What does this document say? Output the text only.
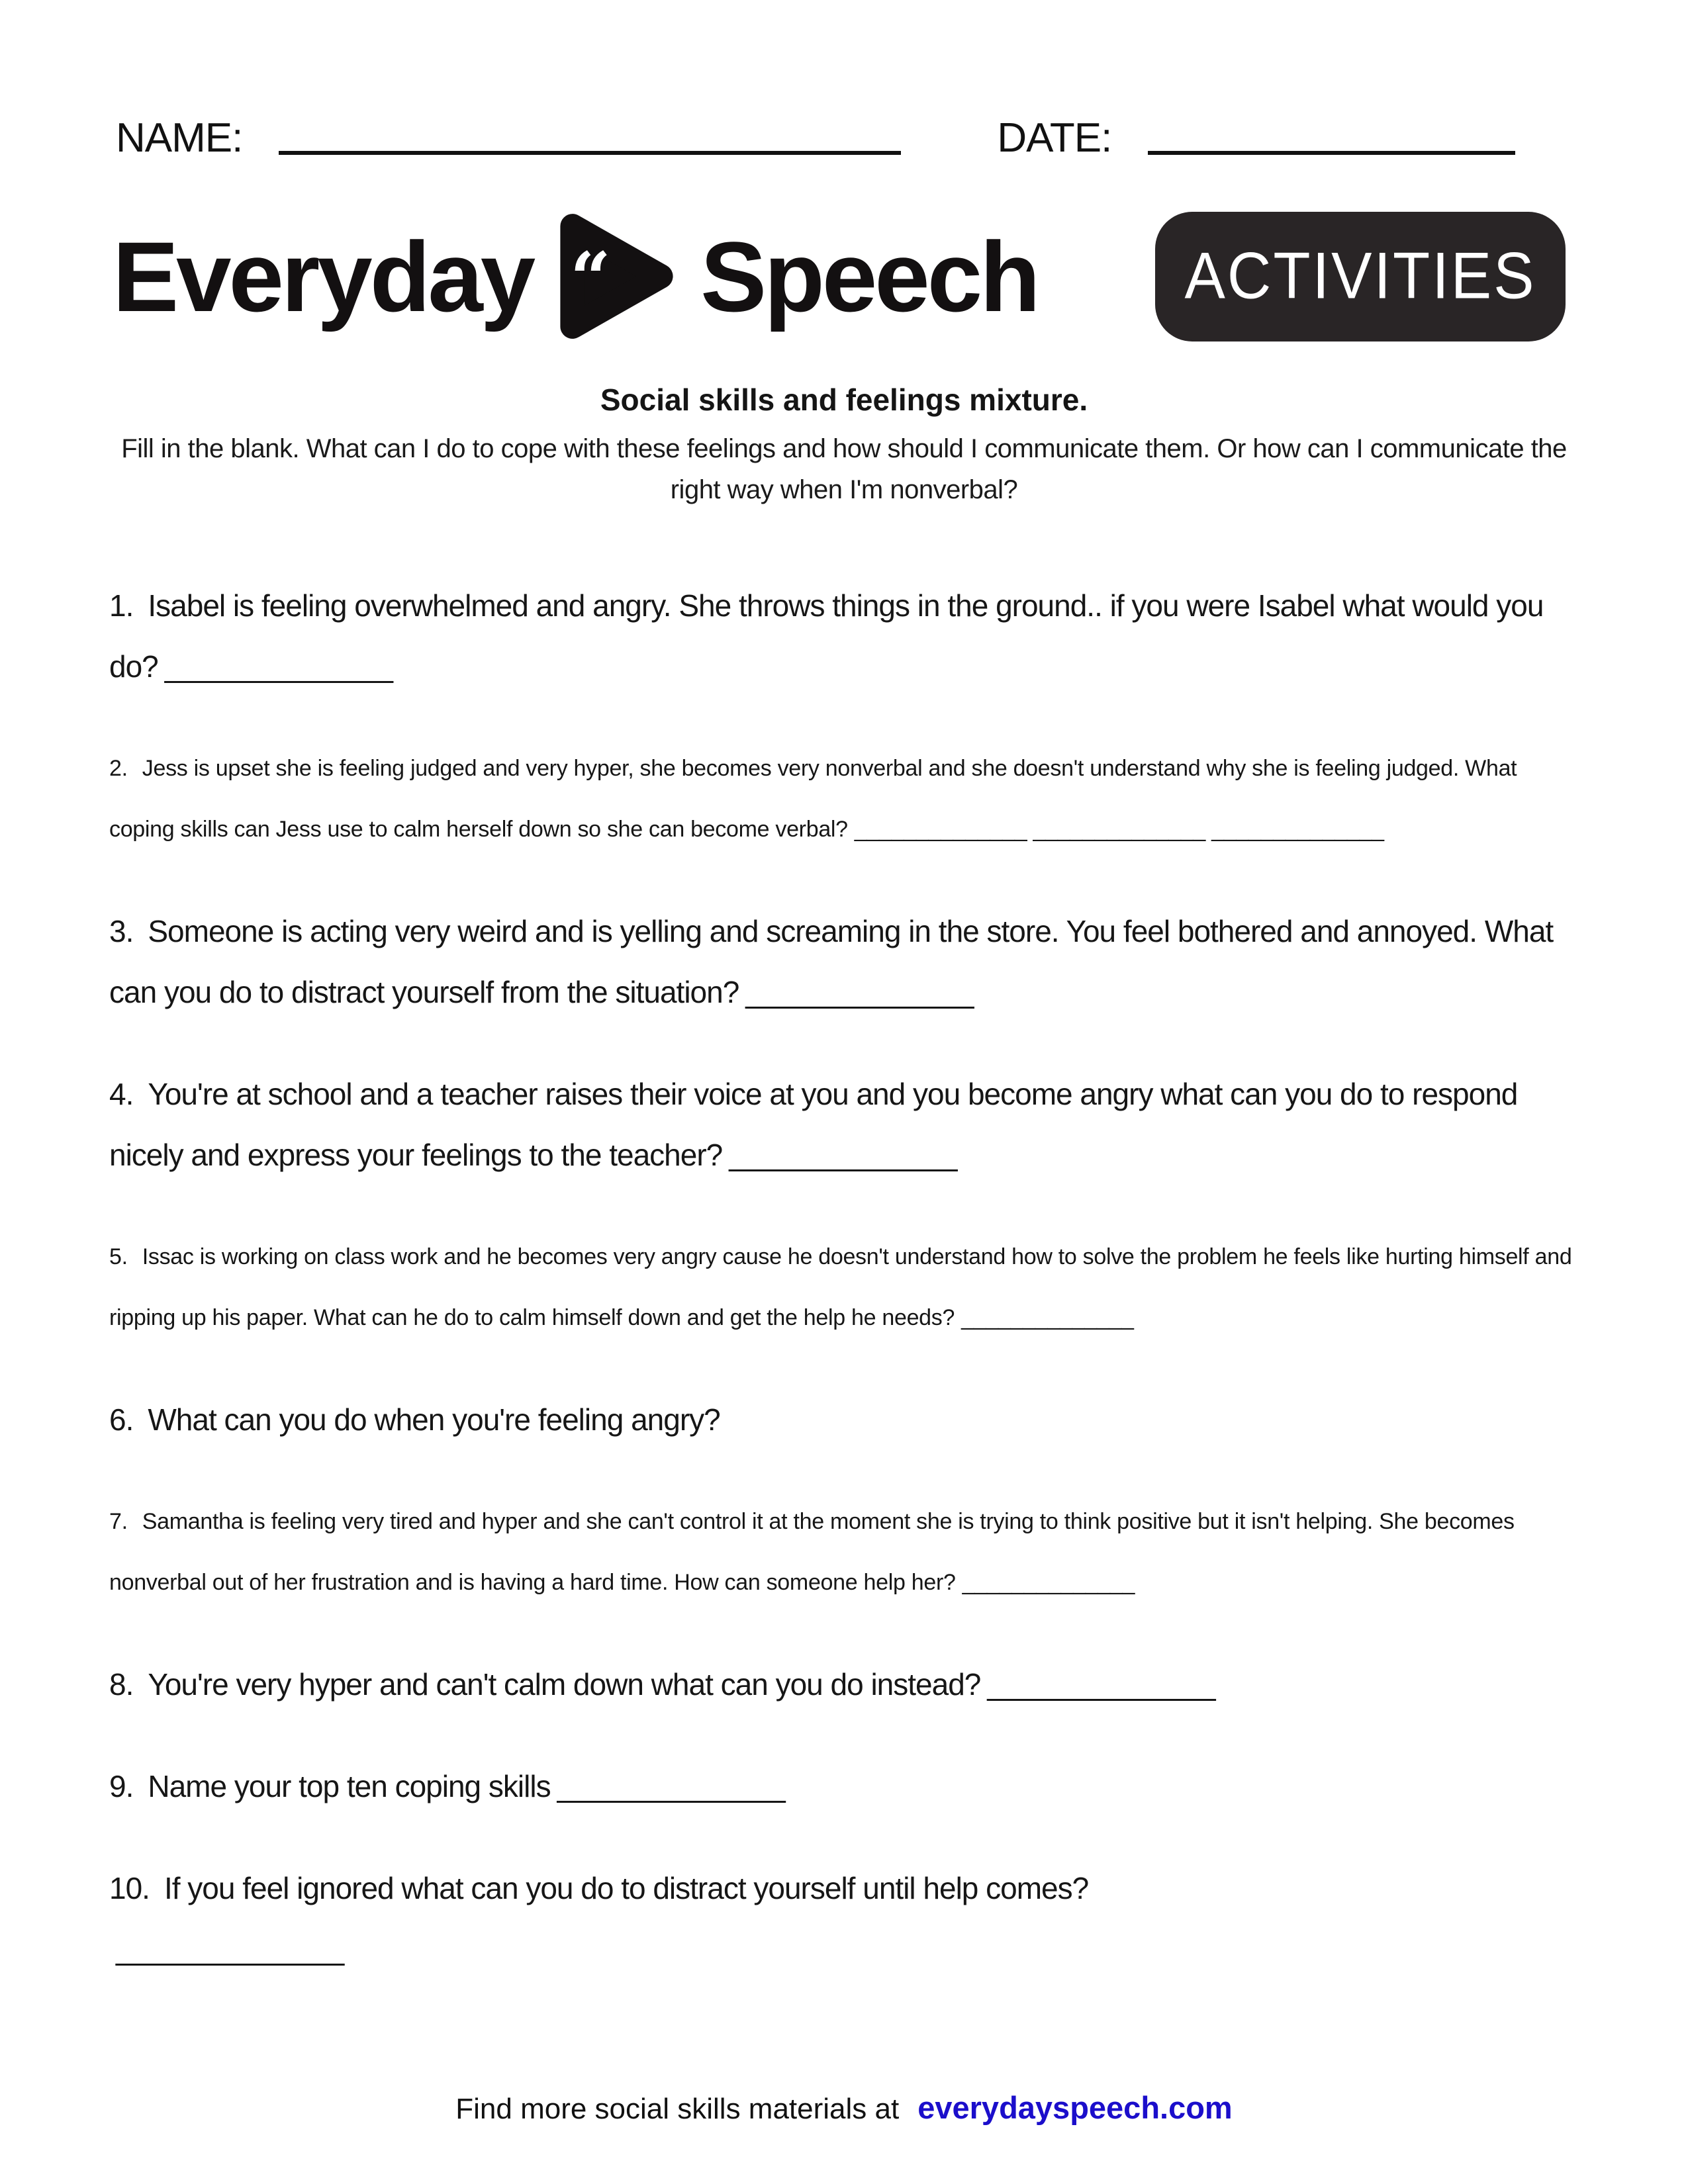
NAME:	DATE:
Everyday “ Speech ACTIVITIES
Social skills and feelings mixture.
Fill in the blank. What can I do to cope with these feelings and how should I communicate them. Or how can I communicate the right way when I'm nonverbal?
1. Isabel is feeling overwhelmed and angry. She throws things in the ground.. if you were Isabel what would you do? ______________
2. Jess is upset she is feeling judged and very hyper, she becomes very nonverbal and she doesn't understand why she is feeling judged. What coping skills can Jess use to calm herself down so she can become verbal? ______________ ______________ ______________
3. Someone is acting very weird and is yelling and screaming in the store. You feel bothered and annoyed. What can you do to distract yourself from the situation? ______________
4. You're at school and a teacher raises their voice at you and you become angry what can you do to respond nicely and express your feelings to the teacher? ______________
5. Issac is working on class work and he becomes very angry cause he doesn't understand how to solve the problem he feels like hurting himself and ripping up his paper. What can he do to calm himself down and get the help he needs? ______________
6. What can you do when you're feeling angry?
7. Samantha is feeling very tired and hyper and she can't control it at the moment she is trying to think positive but it isn't helping. She becomes nonverbal out of her frustration and is having a hard time. How can someone help her? ______________
8. You're very hyper and can't calm down what can you do instead? ______________
9. Name your top ten coping skills ______________
10. If you feel ignored what can you do to distract yourself until help comes?
______________
Find more social skills materials at everydayspeech.com
